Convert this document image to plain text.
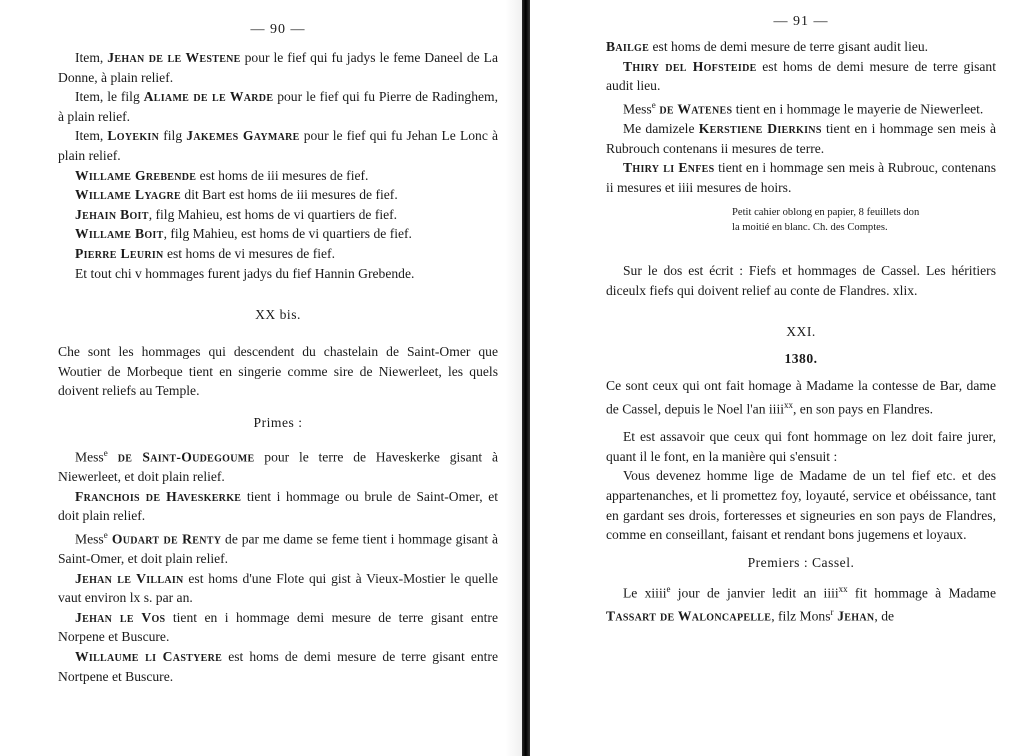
— 90 —

Item, Jehan de le Westene pour le fief qui fu jadys le feme Daneel de La Donne, à plain relief.

Item, le filg Aliame de le Warde pour le fief qui fu Pierre de Radinghem, à plain relief.

Item, Loyekin filg Jakemes Gaymare pour le fief qui fu Jehan Le Lonc à plain relief.

Willame Grebende est homs de iii mesures de fief.

Willame Lyagre dit Bart est homs de iii mesures de fief.

Jehain Boit, filg Mahieu, est homs de vi quartiers de fief.

Willame Boit, filg Mahieu, est homs de vi quartiers de fief.

Pierre Leurin est homs de vi mesures de fief.

Et tout chi v hommages furent jadys du fief Hannin Grebende.

XX bis.

Che sont les hommages qui descendent du chastelain de Saint-Omer que Woutier de Morbeque tient en singerie comme sire de Niewerleet, les quels doivent reliefs au Temple.

Primes :

Mess$^e$ de Saint-Oudegoume pour le terre de Haveskerke gisant à Niewerleet, et doit plain relief.

Franchois de Haveskerke tient i hommage ou brule de Saint-Omer, et doit plain relief.

Mess$^e$ Oudart de Renty de par me dame se feme tient i hommage gisant à Saint-Omer, et doit plain relief.

Jehan le Villain est homs d'une Flote qui gist à Vieux-Mostier le quelle vaut environ lx s. par an.

Jehan le Vos tient en i hommage demi mesure de terre gisant entre Norpene et Buscure.

Willaume li Castyere est homs de demi mesure de terre gisant entre Nortpene et Buscure.

— 91 —

Bailge est homs de demi mesure de terre gisant audit lieu.

Thiry del Hofsteide est homs de demi mesure de terre gisant audit lieu.

Mess$^e$ de Watenes tient en i hommage le mayerie de Niewerleet.

Me damizele Kerstiene Dierkins tient en i hommage sen meis à Rubrouch contenans ii mesures de terre.

Thiry li Enfes tient en i hommage sen meis à Rubrouc, contenans ii mesures et iiii mesures de hoirs.

Petit cahier oblong en papier, 8 feuillets don
la moitié en blanc. Ch. des Comptes.

Sur le dos est écrit : Fiefs et hommages de Cassel. Les héritiers diceulx fiefs qui doivent relief au conte de Flandres. xlix.

XXI.
1380.

Ce sont ceux qui ont fait homage à Madame la contesse de Bar, dame de Cassel, depuis le Noel l'an iiii$^{xx}$, en son pays en Flandres.

Et est assavoir que ceux qui font hommage on lez doit faire jurer, quant il le font, en la manière qui s'ensuit :

Vous devenez homme lige de Madame de un tel fief etc. et des appartenanches, et li promettez foy, loyauté, service et obéissance, tant en gardant ses drois, forteresses et signeuries en son pays de Flandres, comme en conseillant, faisant et rendant bons jugemens et loyaux.

Premiers : Cassel.

Le xiiii$^e$ jour de janvier ledit an iiii$^{xx}$ fit hommage à Madame Tassart de Waloncapelle, filz Mons$^r$ Jehan, de
